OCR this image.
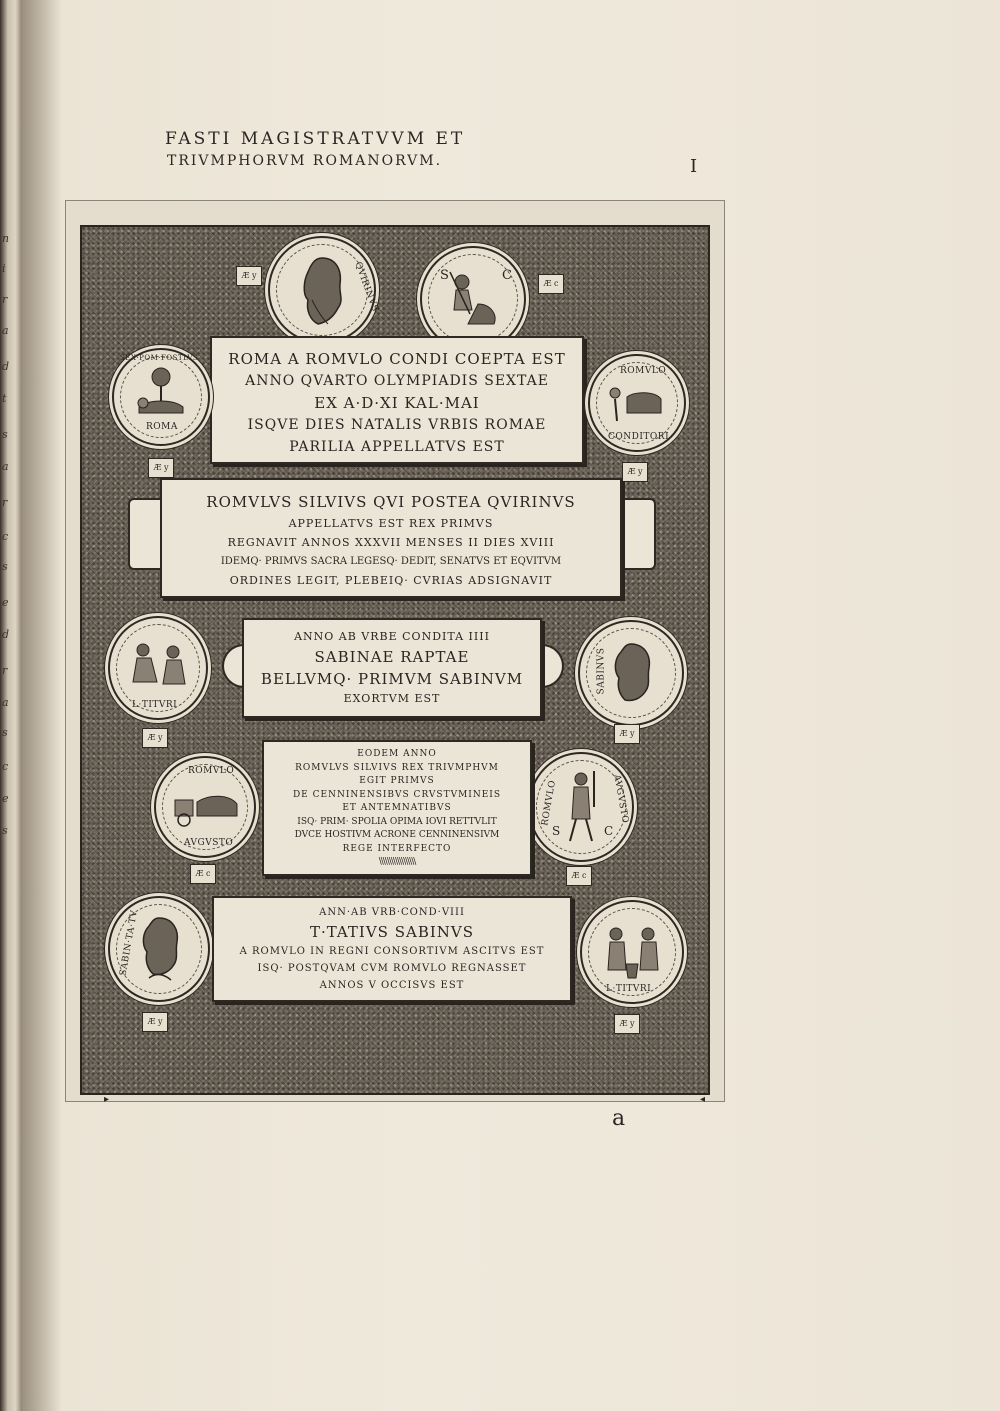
n
i
r
a
d
t
s
a
r
c
s
e
d
r
a
s
c
e
s
FASTI MAGISTRATVVM ET
TRIVMPHORVM ROMANORVM.	I
QVIRINVS
Æ y	S	C
Æ c
ROMA A ROMVLO CONDI COEPTA EST
ANNO QVARTO OLYMPIADIS SEXTAE
EX A·D·XI KAL·MAI
ISQVE DIES NATALIS VRBIS ROMAE
PARILIA APPELLATVS EST
ROMA
SEX·POM·FOSTLVS
Æ y
ROMVLO
CONDITORI
Æ y
ROMVLVS SILVIVS QVI POSTEA QVIRINVS
APPELLATVS EST REX PRIMVS
REGNAVIT ANNOS XXXVII MENSES II DIES XVIII
IDEMQ· PRIMVS SACRA LEGESQ· DEDIT, SENATVS ET EQVITVM
ORDINES LEGIT, PLEBEIQ· CVRIAS ADSIGNAVIT
L·TITVRI
Æ y
SABINVS
Æ y
ANNO AB VRBE CONDITA IIII
SABINAE RAPTAE
BELLVMQ· PRIMVM SABINVM
EXORTVM EST
ROMVLO
AVGVSTO
Æ c
ROMVLO	AVGVSTO
S	C
Æ c
EODEM ANNO
ROMVLVS SILVIVS REX TRIVMPHVM
EGIT PRIMVS
DE CENNINENSIBVS CRVSTVMINEIS
ET ANTEMNATIBVS
ISQ· PRIM· SPOLIA OPIMA IOVI RETTVLIT
DVCE HOSTIVM ACRONE CENNINENSIVM
REGE INTERFECTO
\\\\\\\\\\\\\\\\\\
SABIN·TA·TV
Æ y
L·TITVRI
Æ y
ANN·AB VRB·COND·VIII
T·TATIVS SABINVS
A ROMVLO IN REGNI CONSORTIVM ASCITVS EST
ISQ· POSTQVAM CVM ROMVLO REGNASSET
ANNOS V OCCISVS EST
▸	◂
a
